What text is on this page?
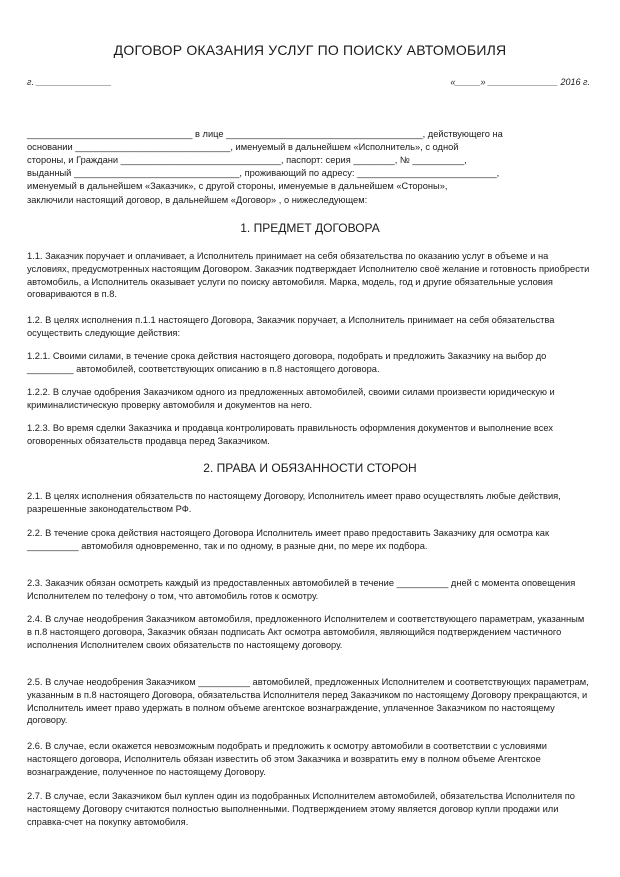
ДОГОВОР ОКАЗАНИЯ УСЛУГ ПО ПОИСКУ АВТОМОБИЛЯ
г. _______________	«_____» ______________ 2016 г.
________________________________ в лице ______________________________________, действующего на
основании ______________________________, именуемый в дальнейшем «Исполнитель», с одной
стороны, и Граждани _______________________________, паспорт: серия ________, № __________,
выданный ________________________________, проживающий по адресу: ___________________________,
именуемый в дальнейшем «Заказчик», с другой стороны, именуемые в дальнейшем «Стороны»,
заключили настоящий договор, в дальнейшем «Договор» , о нижеследующем:
1. ПРЕДМЕТ ДОГОВОРА
1.1. Заказчик поручает и оплачивает, а Исполнитель принимает на себя обязательства по оказанию услуг в объеме и на условиях, предусмотренных настоящим Договором. Заказчик подтверждает Исполнителю своё желание и готовность приобрести автомобиль, а Исполнитель оказывает услуги по поиску автомобиля. Марка, модель, год и другие обязательные условия оговариваются в п.8.
1.2. В целях исполнения п.1.1 настоящего Договора, Заказчик поручает, а Исполнитель принимает на себя обязательства осуществить следующие действия:
1.2.1. Своими силами, в течение срока действия настоящего договора, подобрать и предложить Заказчику на выбор до _________ автомобилей, соответствующих описанию в п.8 настоящего договора.
1.2.2. В случае одобрения Заказчиком одного из предложенных автомобилей, своими силами произвести юридическую и криминалистическую проверку автомобиля и документов на него.
1.2.3. Во время сделки Заказчика и продавца контролировать правильность оформления документов и выполнение всех оговоренных обязательств продавца перед Заказчиком.
2. ПРАВА И ОБЯЗАННОСТИ СТОРОН
2.1. В целях исполнения обязательств по настоящему Договору, Исполнитель имеет право осуществлять любые действия, разрешенные законодательством РФ.
2.2. В течение срока действия настоящего Договора Исполнитель имеет право предоставить Заказчику для осмотра как __________ автомобиля одновременно, так и по одному, в разные дни, по мере их подбора.
2.3. Заказчик обязан осмотреть каждый из предоставленных автомобилей в течение __________ дней с момента оповещения Исполнителем по телефону о том, что автомобиль готов к осмотру.
2.4. В случае неодобрения Заказчиком автомобиля, предложенного Исполнителем и соответствующего параметрам, указанным в п.8 настоящего договора, Заказчик обязан подписать Акт осмотра автомобиля, являющийся подтверждением частичного исполнения Исполнителем своих обязательств по настоящему договору.
2.5. В случае неодобрения Заказчиком __________ автомобилей, предложенных Исполнителем и соответствующих параметрам, указанным в п.8 настоящего Договора, обязательства Исполнителя перед Заказчиком по настоящему Договору прекращаются, и Исполнитель имеет право удержать в полном объеме агентское вознаграждение, уплаченное Заказчиком по настоящему договору.
2.6. В случае, если окажется невозможным подобрать и предложить к осмотру автомобили в соответствии с условиями настоящего договора, Исполнитель обязан известить об этом Заказчика и возвратить ему в полном объеме Агентское вознаграждение, полученное по настоящему Договору.
2.7. В случае, если Заказчиком был куплен один из подобранных Исполнителем автомобилей, обязательства Исполнителя по настоящему Договору считаются полностью выполненными. Подтверждением этому является договор купли продажи или справка-счет на покупку автомобиля.
